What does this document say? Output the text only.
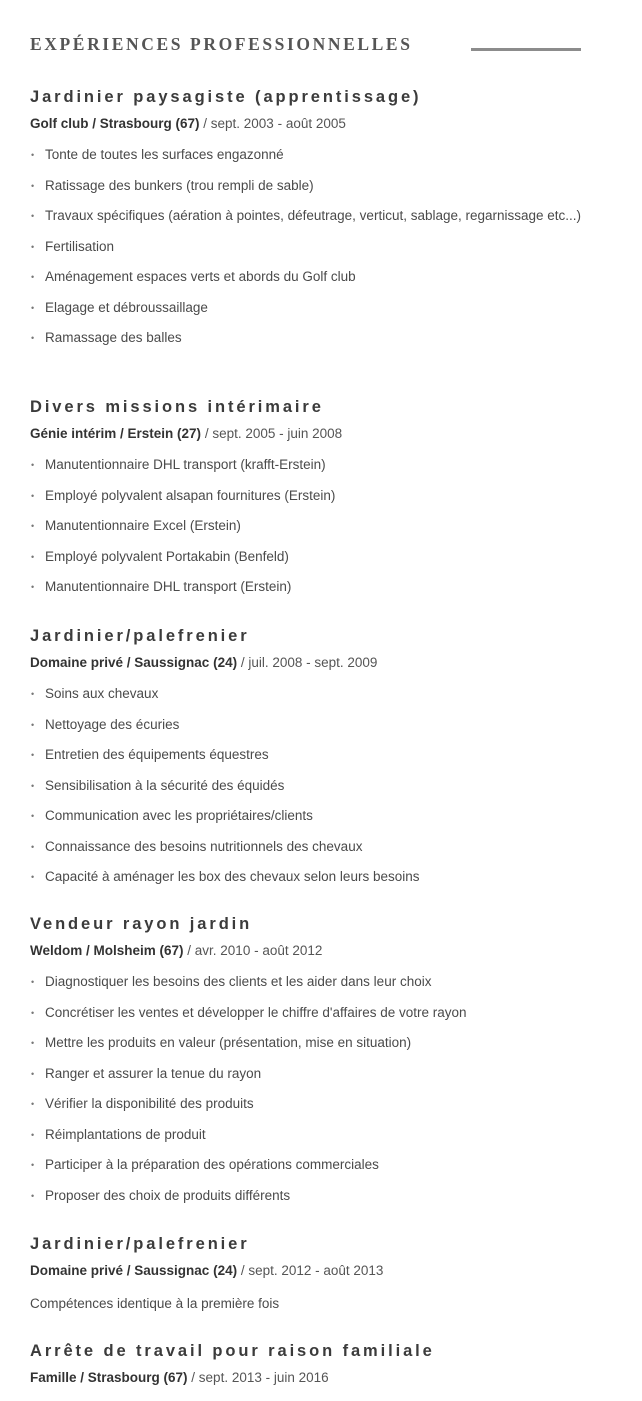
EXPÉRIENCES PROFESSIONNELLES
Jardinier paysagiste (apprentissage)
Golf club / Strasbourg (67) / sept. 2003 - août 2005
• Tonte de toutes les surfaces engazonné
• Ratissage des bunkers (trou rempli de sable)
• Travaux spécifiques (aération à pointes, défeutrage, verticut, sablage, regarnissage etc...)
• Fertilisation
• Aménagement espaces verts et abords du Golf club
• Elagage et débroussaillage
• Ramassage des balles
Divers missions intérimaire
Génie intérim / Erstein (27) / sept. 2005 - juin 2008
• Manutentionnaire DHL transport (krafft-Erstein)
• Employé polyvalent alsapan fournitures (Erstein)
• Manutentionnaire Excel (Erstein)
• Employé polyvalent Portakabin (Benfeld)
• Manutentionnaire DHL transport (Erstein)
Jardinier/palefrenier
Domaine privé / Saussignac (24) / juil. 2008 - sept. 2009
• Soins aux chevaux
• Nettoyage des écuries
• Entretien des équipements équestres
• Sensibilisation à la sécurité des équidés
• Communication avec les propriétaires/clients
• Connaissance des besoins nutritionnels des chevaux
• Capacité à aménager les box des chevaux selon leurs besoins
Vendeur rayon jardin
Weldom / Molsheim (67) / avr. 2010 - août 2012
• Diagnostiquer les besoins des clients et les aider dans leur choix
• Concrétiser les ventes et développer le chiffre d'affaires de votre rayon
• Mettre les produits en valeur (présentation, mise en situation)
• Ranger et assurer la tenue du rayon
• Vérifier la disponibilité des produits
• Réimplantations de produit
• Participer à la préparation des opérations commerciales
• Proposer des choix de produits différents
Jardinier/palefrenier
Domaine privé / Saussignac (24) / sept. 2012 - août 2013
Compétences identique à la première fois
Arrête de travail pour raison familiale
Famille / Strasbourg (67) / sept. 2013 - juin 2016
